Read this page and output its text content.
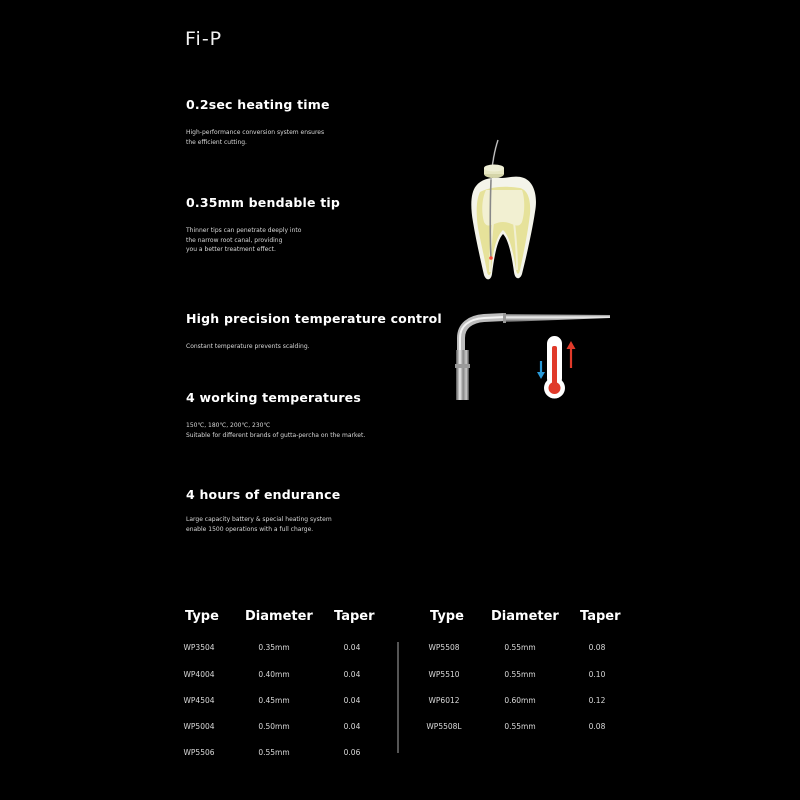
Fi-P
0.2sec heating time
High-performance conversion system ensures
the efficient cutting.
0.35mm bendable tip
Thinner tips can penetrate deeply into
the narrow root canal, providing
you a better treatment effect.
High precision temperature control
Constant temperature prevents scalding.
4 working temperatures
150℃, 180℃, 200℃, 230℃
Suitable for different brands of gutta-percha on the market.
4 hours of endurance
Large capacity battery & special heating system
enable 1500 operations with a full charge.
Type Diameter Taper
WP3504	0.35mm	0.04
WP4004	0.40mm	0.04
WP4504	0.45mm	0.04
WP5004	0.50mm	0.04
WP5506	0.55mm	0.06
Type Diameter Taper
WP5508	0.55mm	0.08
WP5510	0.55mm	0.10
WP6012	0.60mm	0.12
WP5508L	0.55mm	0.08
